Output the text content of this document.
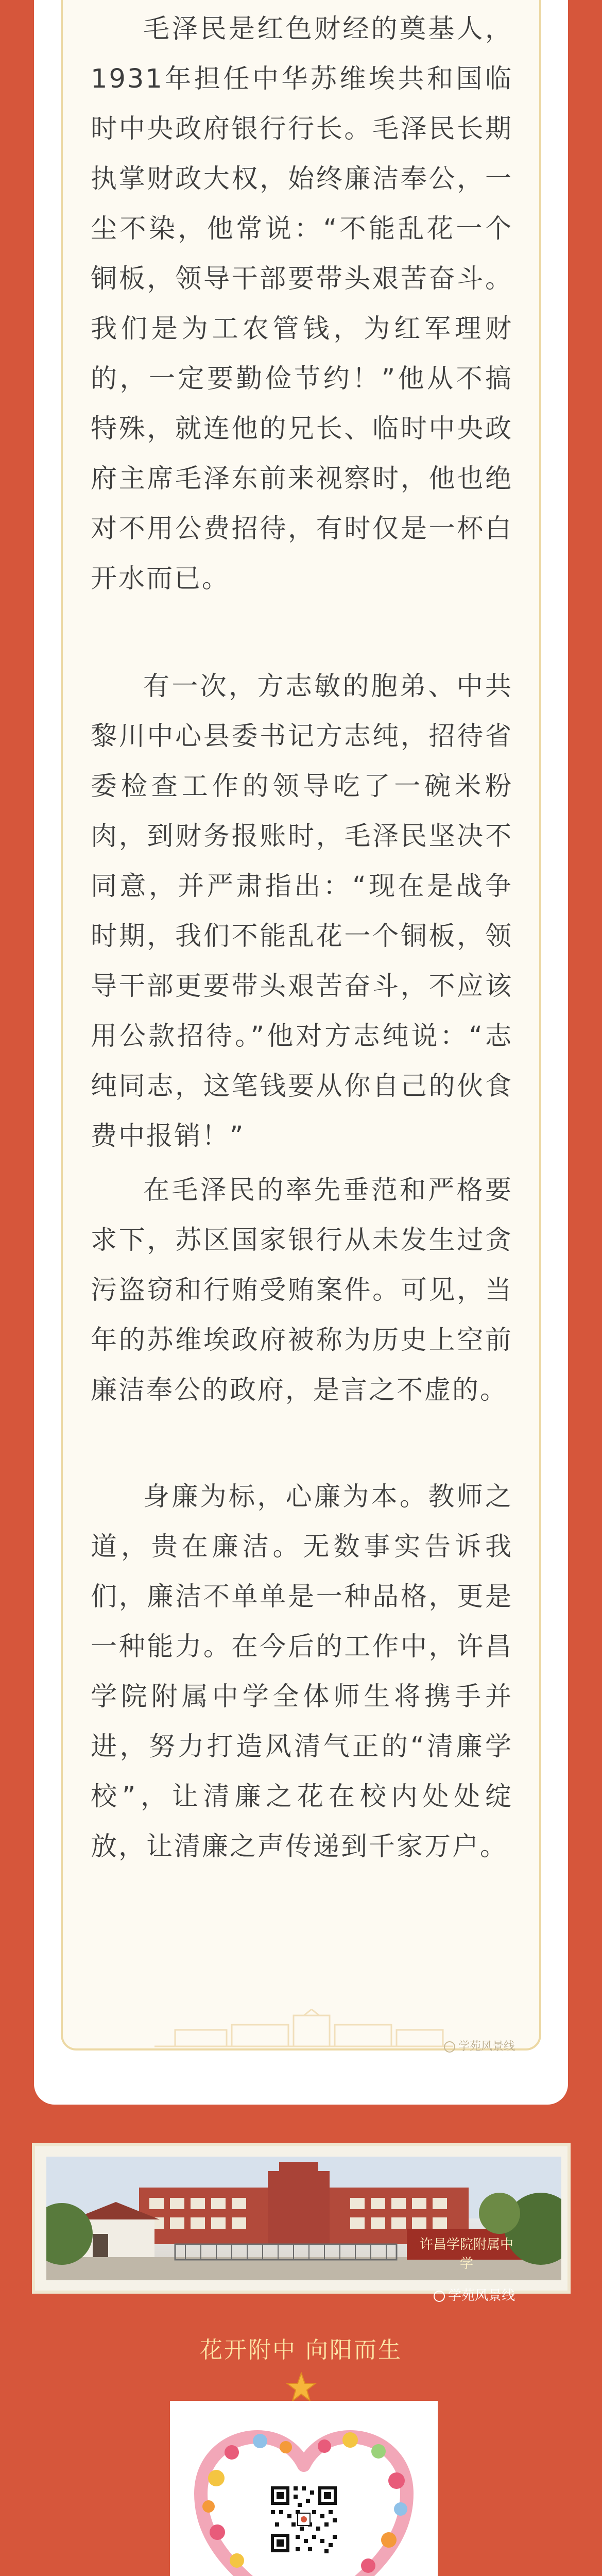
毛泽民是红色财经的奠基人，1931年担任中华苏维埃共和国临时中央政府银行行长。毛泽民长期执掌财政大权，始终廉洁奉公，一尘不染，他常说：“不能乱花一个铜板，领导干部要带头艰苦奋斗。我们是为工农管钱，为红军理财的，一定要勤俭节约！”他从不搞特殊，就连他的兄长、临时中央政府主席毛泽东前来视察时，他也绝对不用公费招待，有时仅是一杯白开水而已。

有一次，方志敏的胞弟、中共黎川中心县委书记方志纯，招待省委检查工作的领导吃了一碗米粉肉，到财务报账时，毛泽民坚决不同意，并严肃指出：“现在是战争时期，我们不能乱花一个铜板，领导干部更要带头艰苦奋斗，不应该用公款招待。”他对方志纯说：“志纯同志，这笔钱要从你自己的伙食费中报销！”

在毛泽民的率先垂范和严格要求下，苏区国家银行从未发生过贪污盗窃和行贿受贿案件。可见，当年的苏维埃政府被称为历史上空前廉洁奉公的政府，是言之不虚的。

身廉为标，心廉为本。教师之道，贵在廉洁。无数事实告诉我们，廉洁不单单是一种品格，更是一种能力。在今后的工作中，许昌学院附属中学全体师生将携手并进，努力打造风清气正的“清廉学校”，让清廉之花在校内处处绽放，让清廉之声传递到千家万户。

学苑风景线
许昌学院附属中学
学苑风景线
花开附中 向阳而生
